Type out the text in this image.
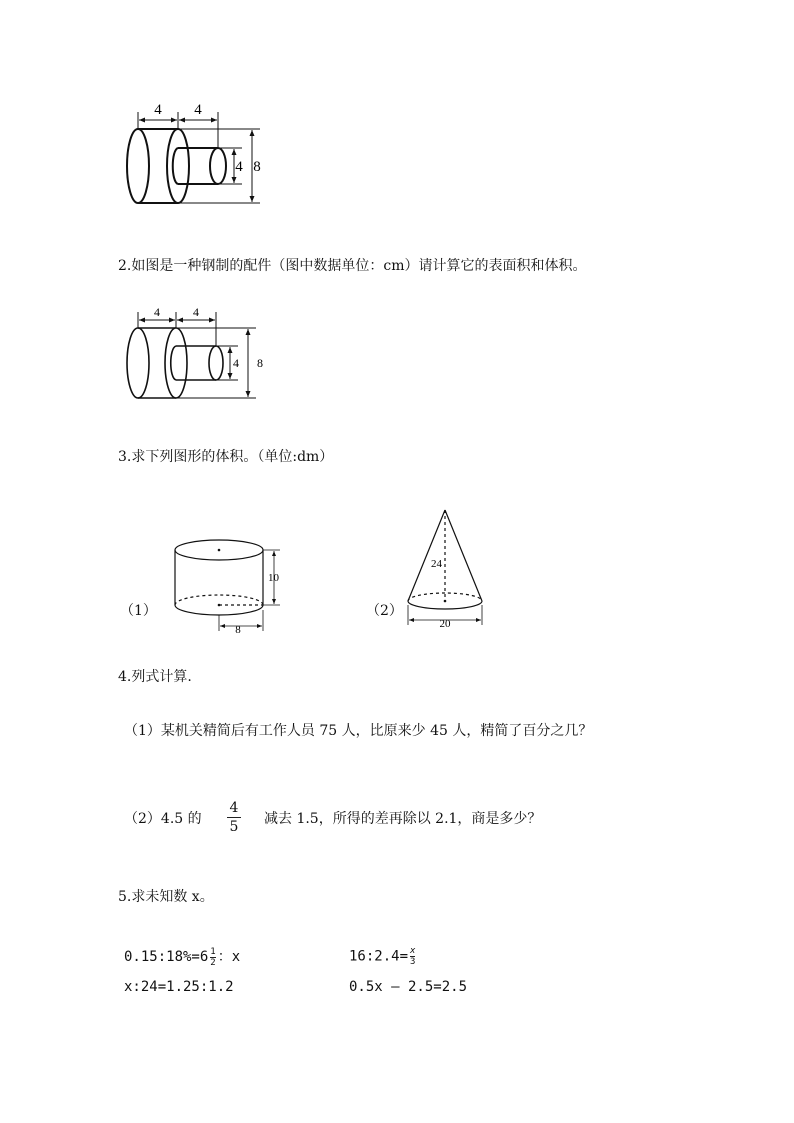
4 4
4 8
2.如图是一种钢制的配件（图中数据单位：cm）请计算它的表面积和体积。
4	4
4 8
3.求下列图形的体积。（单位:dm）
（1）
10
8
（2）
24
20
4.列式计算.
（1）某机关精简后有工作人员 75 人，比原来少 45 人，精简了百分之几？
（2）4.5 的
4
5 减去 1.5，所得的差再除以 2.1，商是多少？
5.求未知数 x。
0.15:18%=6 $\frac{1}{2}$ ：x	16:2.4= $\frac{x}{3}$
x:24=1.25:1.2	0.5x – 2.5=2.5
